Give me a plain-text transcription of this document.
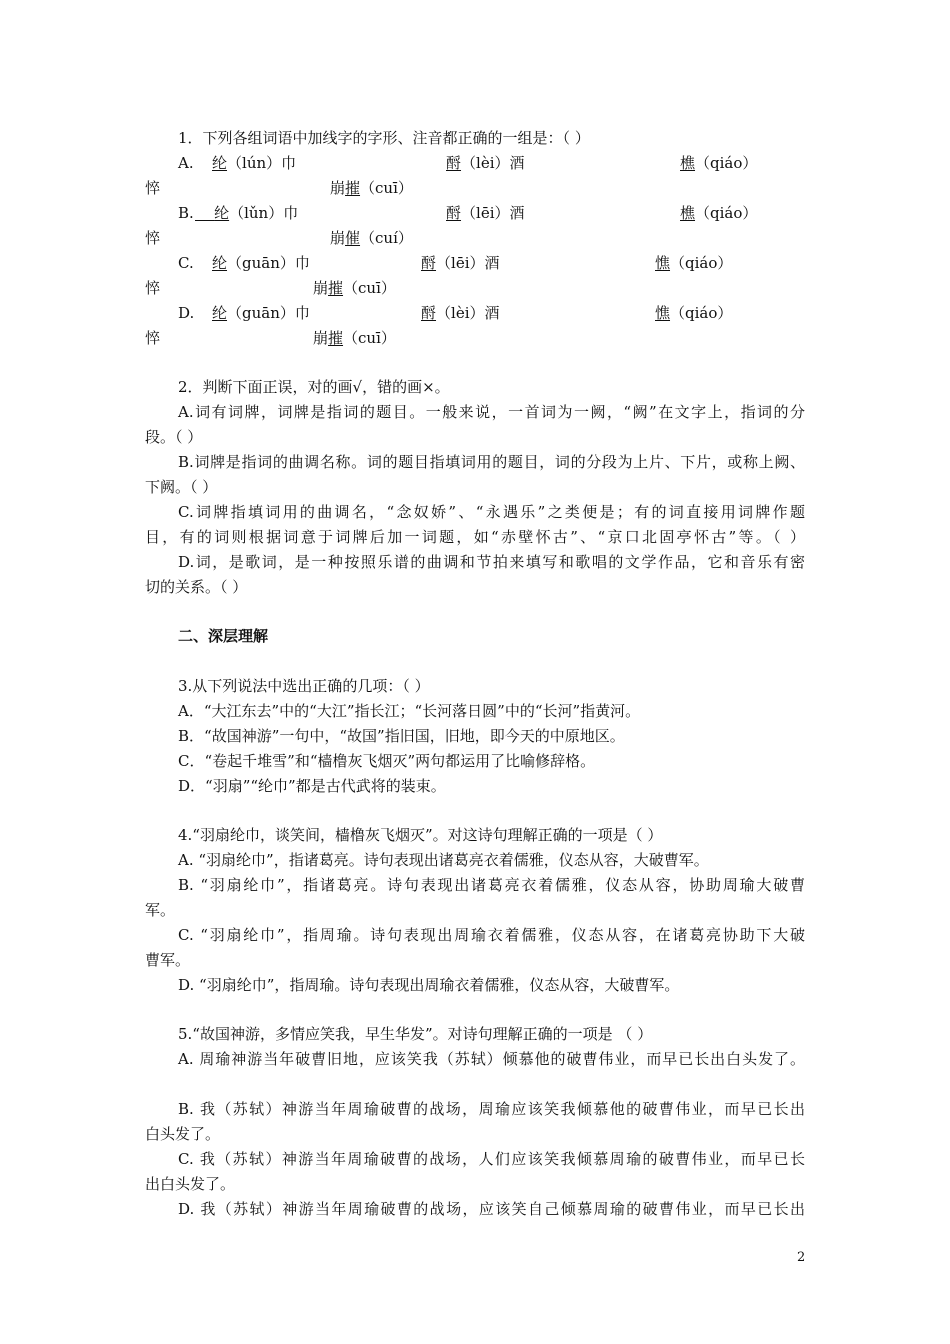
1．下列各组词语中加线字的字形、注音都正确的一组是：（ ）
A. 纶（lún）巾	酹（lèi）酒	樵（qiáo）
悴	崩摧（cuī）
B.	纶（lǔn）巾	酹（lēi）酒	樵（qiáo）
悴	崩催（cuí）
C. 纶（guān）巾	酹（lēi）酒	憔（qiáo）
悴	崩摧（cuī）
D. 纶（guān）巾	酹（lèi）酒	憔（qiáo）
悴	崩摧（cuī）
2．判断下面正误，对的画√，错的画×。
A.词有词牌，词牌是指词的题目。一般来说，一首词为一阙，“阙”在文字上，指词的分
段。（ ）
B.词牌是指词的曲调名称。词的题目指填词用的题目，词的分段为上片、下片，或称上阙、
下阙。（ ）
C.词牌指填词用的曲调名，“念奴娇”、“永遇乐”之类便是；有的词直接用词牌作题
目，有的词则根据词意于词牌后加一词题，如“赤壁怀古”、“京口北固亭怀古”等。（ ）
D.词，是歌词，是一种按照乐谱的曲调和节拍来填写和歌唱的文学作品，它和音乐有密
切的关系。（ ）
二、深层理解
3.从下列说法中选出正确的几项：（ ）
A．“大江东去”中的“大江”指长江；“长河落日圆”中的“长河”指黄河。
B．“故国神游”一句中，“故国”指旧国，旧地，即今天的中原地区。
C．“卷起千堆雪”和“樯橹灰飞烟灭”两句都运用了比喻修辞格。
D．“羽扇”“纶巾”都是古代武将的装束。
4.“羽扇纶巾，谈笑间，樯橹灰飞烟灭”。对这诗句理解正确的一项是（ ）
A. “羽扇纶巾”，指诸葛亮。诗句表现出诸葛亮衣着儒雅，仪态从容，大破曹军。
B. “羽扇纶巾”，指诸葛亮。诗句表现出诸葛亮衣着儒雅，仪态从容，协助周瑜大破曹
军。
C. “羽扇纶巾”，指周瑜。诗句表现出周瑜衣着儒雅，仪态从容，在诸葛亮协助下大破
曹军。
D. “羽扇纶巾”，指周瑜。诗句表现出周瑜衣着儒雅，仪态从容，大破曹军。
5.“故国神游，多情应笑我，早生华发”。对诗句理解正确的一项是 （ ）
A. 周瑜神游当年破曹旧地，应该笑我（苏轼）倾慕他的破曹伟业，而早已长出白头发了。
B. 我（苏轼）神游当年周瑜破曹的战场，周瑜应该笑我倾慕他的破曹伟业，而早已长出
白头发了。
C. 我（苏轼）神游当年周瑜破曹的战场，人们应该笑我倾慕周瑜的破曹伟业，而早已长
出白头发了。
D. 我（苏轼）神游当年周瑜破曹的战场，应该笑自己倾慕周瑜的破曹伟业，而早已长出
2
